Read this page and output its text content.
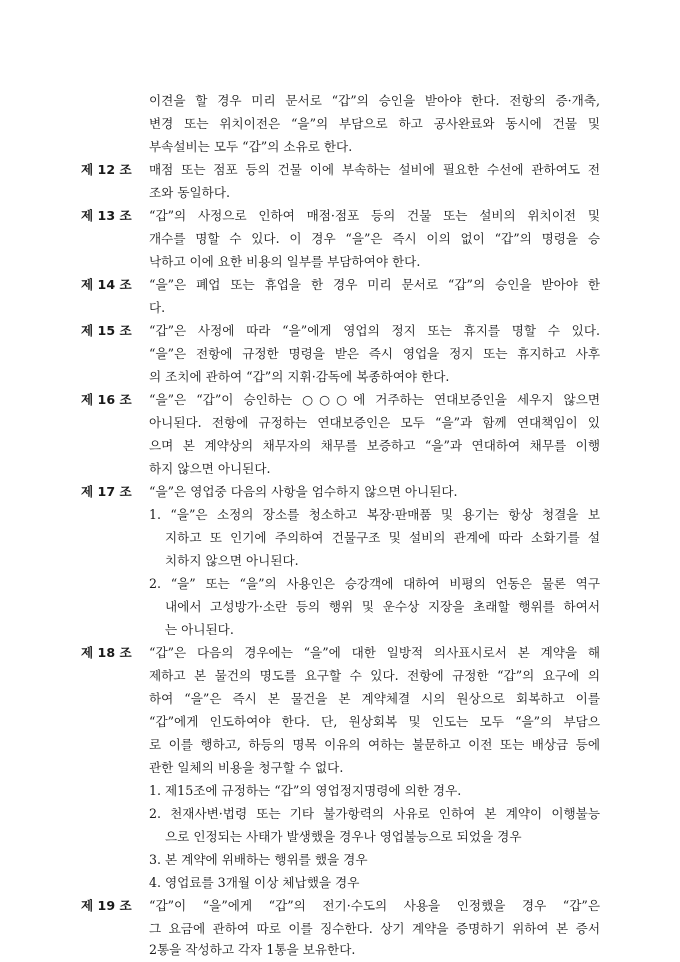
이견을 할 경우 미리 문서로 “갑”의 승인을 받아야 한다. 전항의 증·개축,
변경 또는 위치이전은 “을”의 부담으로 하고 공사완료와 동시에 건물 및
부속설비는 모두 “갑”의 소유로 한다.
제 12 조 매점 또는 점포 등의 건물 이에 부속하는 설비에 필요한 수선에 관하여도 전
조와 동일하다.
제 13 조 “갑”의 사정으로 인하여 매점·점포 등의 건물 또는 설비의 위치이전 및
개수를 명할 수 있다. 이 경우 “을”은 즉시 이의 없이 “갑”의 명령을 승
낙하고 이에 요한 비용의 일부를 부담하여야 한다.
제 14 조 “을”은 폐업 또는 휴업을 한 경우 미리 문서로 “갑”의 승인을 받아야 한
다.
제 15 조 “갑”은 사정에 따라 “을”에게 영업의 정지 또는 휴지를 명할 수 있다.
“을”은 전항에 규정한 명령을 받은 즉시 영업을 정지 또는 휴지하고 사후
의 조치에 관하여 “갑”의 지휘·감독에 복종하여야 한다.
제 16 조 “을”은 “갑”이 승인하는 ○○○에 거주하는 연대보증인을 세우지 않으면
아니된다. 전항에 규정하는 연대보증인은 모두 “을”과 함께 연대책임이 있
으며 본 계약상의 채무자의 채무를 보증하고 “을”과 연대하여 채무를 이행
하지 않으면 아니된다.
제 17 조 “을”은 영업중 다음의 사항을 엄수하지 않으면 아니된다.
1. “을”은 소정의 장소를 청소하고 복장·판매품 및 용기는 항상 청결을 보
지하고 또 인기에 주의하여 건물구조 및 설비의 관계에 따라 소화기를 설
치하지 않으면 아니된다.
2. “을” 또는 “을”의 사용인은 승강객에 대하여 비평의 언동은 물론 역구
내에서 고성방가·소란 등의 행위 및 운수상 지장을 초래할 행위를 하여서
는 아니된다.
제 18 조 “갑”은 다음의 경우에는 “을”에 대한 일방적 의사표시로서 본 계약을 해
제하고 본 물건의 명도를 요구할 수 있다. 전항에 규정한 “갑”의 요구에 의
하여 “을”은 즉시 본 물건을 본 계약체결 시의 원상으로 회복하고 이를
“갑”에게 인도하여야 한다. 단, 원상회복 및 인도는 모두 “을”의 부담으
로 이를 행하고, 하등의 명목 이유의 여하는 불문하고 이전 또는 배상금 등에
관한 일체의 비용을 청구할 수 없다.
1. 제15조에 규정하는 “갑”의 영업정지명령에 의한 경우.
2. 천재사변·법령 또는 기타 불가항력의 사유로 인하여 본 계약이 이행불능
으로 인정되는 사태가 발생했을 경우나 영업불능으로 되었을 경우
3. 본 계약에 위배하는 행위를 했을 경우
4. 영업료를 3개월 이상 체납했을 경우
제 19 조 “갑”이 “을”에게 “갑”의 전기·수도의 사용을 인정했을 경우 “갑”은
그 요금에 관하여 따로 이를 징수한다. 상기 계약을 증명하기 위하여 본 증서
2통을 작성하고 각자 1통을 보유한다.
